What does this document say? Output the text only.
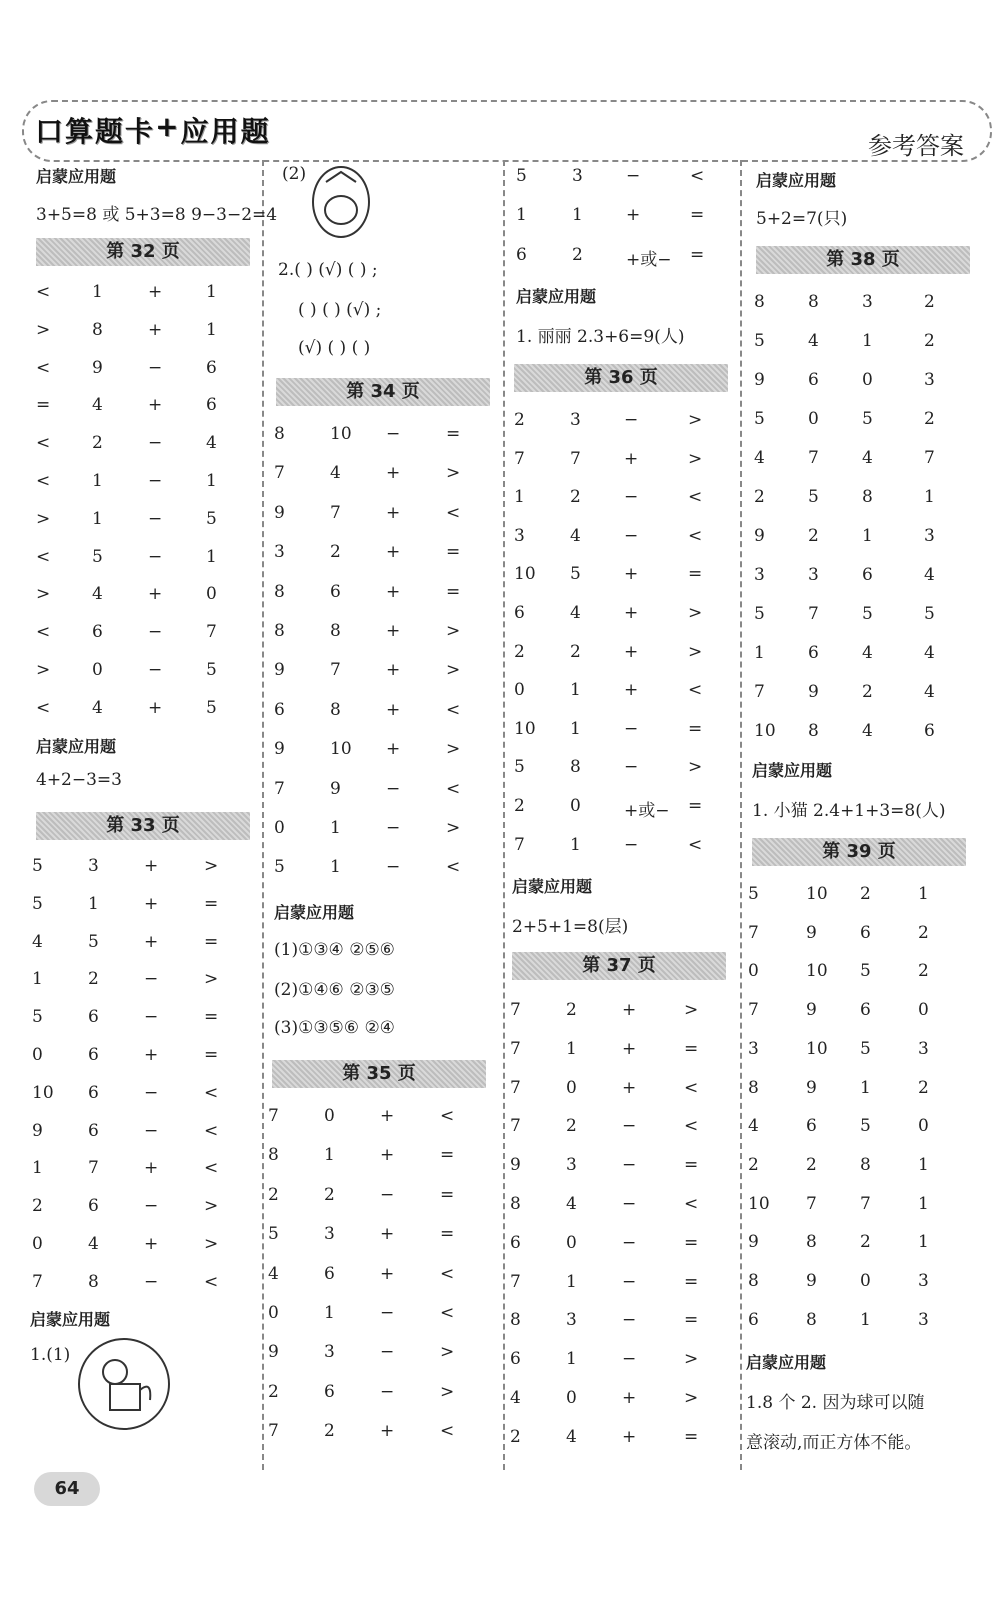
口 算 题 卡 + 应 用 题	参考答案
启蒙应用题
3+5=8 或 5+3=8 9−3−2=4
第 32 页
< 1	+	1
> 8	+	1
< 9	−	6
= 4	+	6
< 2	−	4
< 1	−	1
> 1	−	5
< 5	−	1
> 4	+	0
< 6	−	7
> 0	−	5
< 4	+	5
启蒙应用题
4+2−3=3
第 33 页
5	3	+	>
5	1	+	=
4	5	+	=
1	2	−	>
5	6	−	=
0	6	+	=
10 6	−	<
9	6	−	<
1	7	+	<
2	6	−	>
0	4	+	>
7	8	−	<
启蒙应用题
1.(1)
(2)
2.( ) (√) ( ) ;
( ) ( ) (√) ;
(√) ( ) ( )
第 34 页
8	10 −	=
7	4	+	>
9	7	+	<
3	2	+	=
8	6	+	=
8	8	+	>
9	7	+	>
6	8	+	<
9	10 +	>
7	9	−	<
0	1	−	>
5	1	−	<
启蒙应用题
(1)①③④ ②⑤⑥
(2)①④⑥ ②③⑤
(3)①③⑤⑥ ②④
第 35 页
7	0	+	<
8	1	+	=
2	2	−	=
5	3	+	=
4	6	+	<
0	1	−	<
9	3	−	>
2	6	−	>
7	2	+	<
5	3	−	<
1	1	+	=
6	2	+或− =
启蒙应用题
1. 丽丽 2.3+6=9(人)
第 36 页
2	3	−	>
7	7	+	>
1	2	−	<
3	4	−	<
10 5	+	=
6	4	+	>
2	2	+	>
0	1	+	<
10 1	−	=
5	8	−	>
2	0	+或− =
7	1	−	<
启蒙应用题
2+5+1=8(层)
第 37 页
7	2	+	>
7	1	+	=
7	0	+	<
7	2	−	<
9	3	−	=
8	4	−	<
6	0	−	=
7	1	−	=
8	3	−	=
6	1	−	>
4	0	+	>
2	4	+	=
启蒙应用题
5+2=7(只)
第 38 页
8	8	3	2
5	4	1	2
9	6	0	3
5	0	5	2
4	7	4	7
2	5	8	1
9	2	1	3
3	3	6	4
5	7	5	5
1	6	4	4
7	9	2	4
10 8	4	6
启蒙应用题
1. 小猫 2.4+1+3=8(人)
第 39 页
5	10 2	1
7	9	6	2
0	10 5	2
7	9	6	0
3	10 5	3
8	9	1	2
4	6	5	0
2	2	8	1
10 7	7	1
9	8	2	1
8	9	0	3
6	8	1	3
启蒙应用题
1.8 个 2. 因为球可以随
意滚动,而正方体不能。
64
